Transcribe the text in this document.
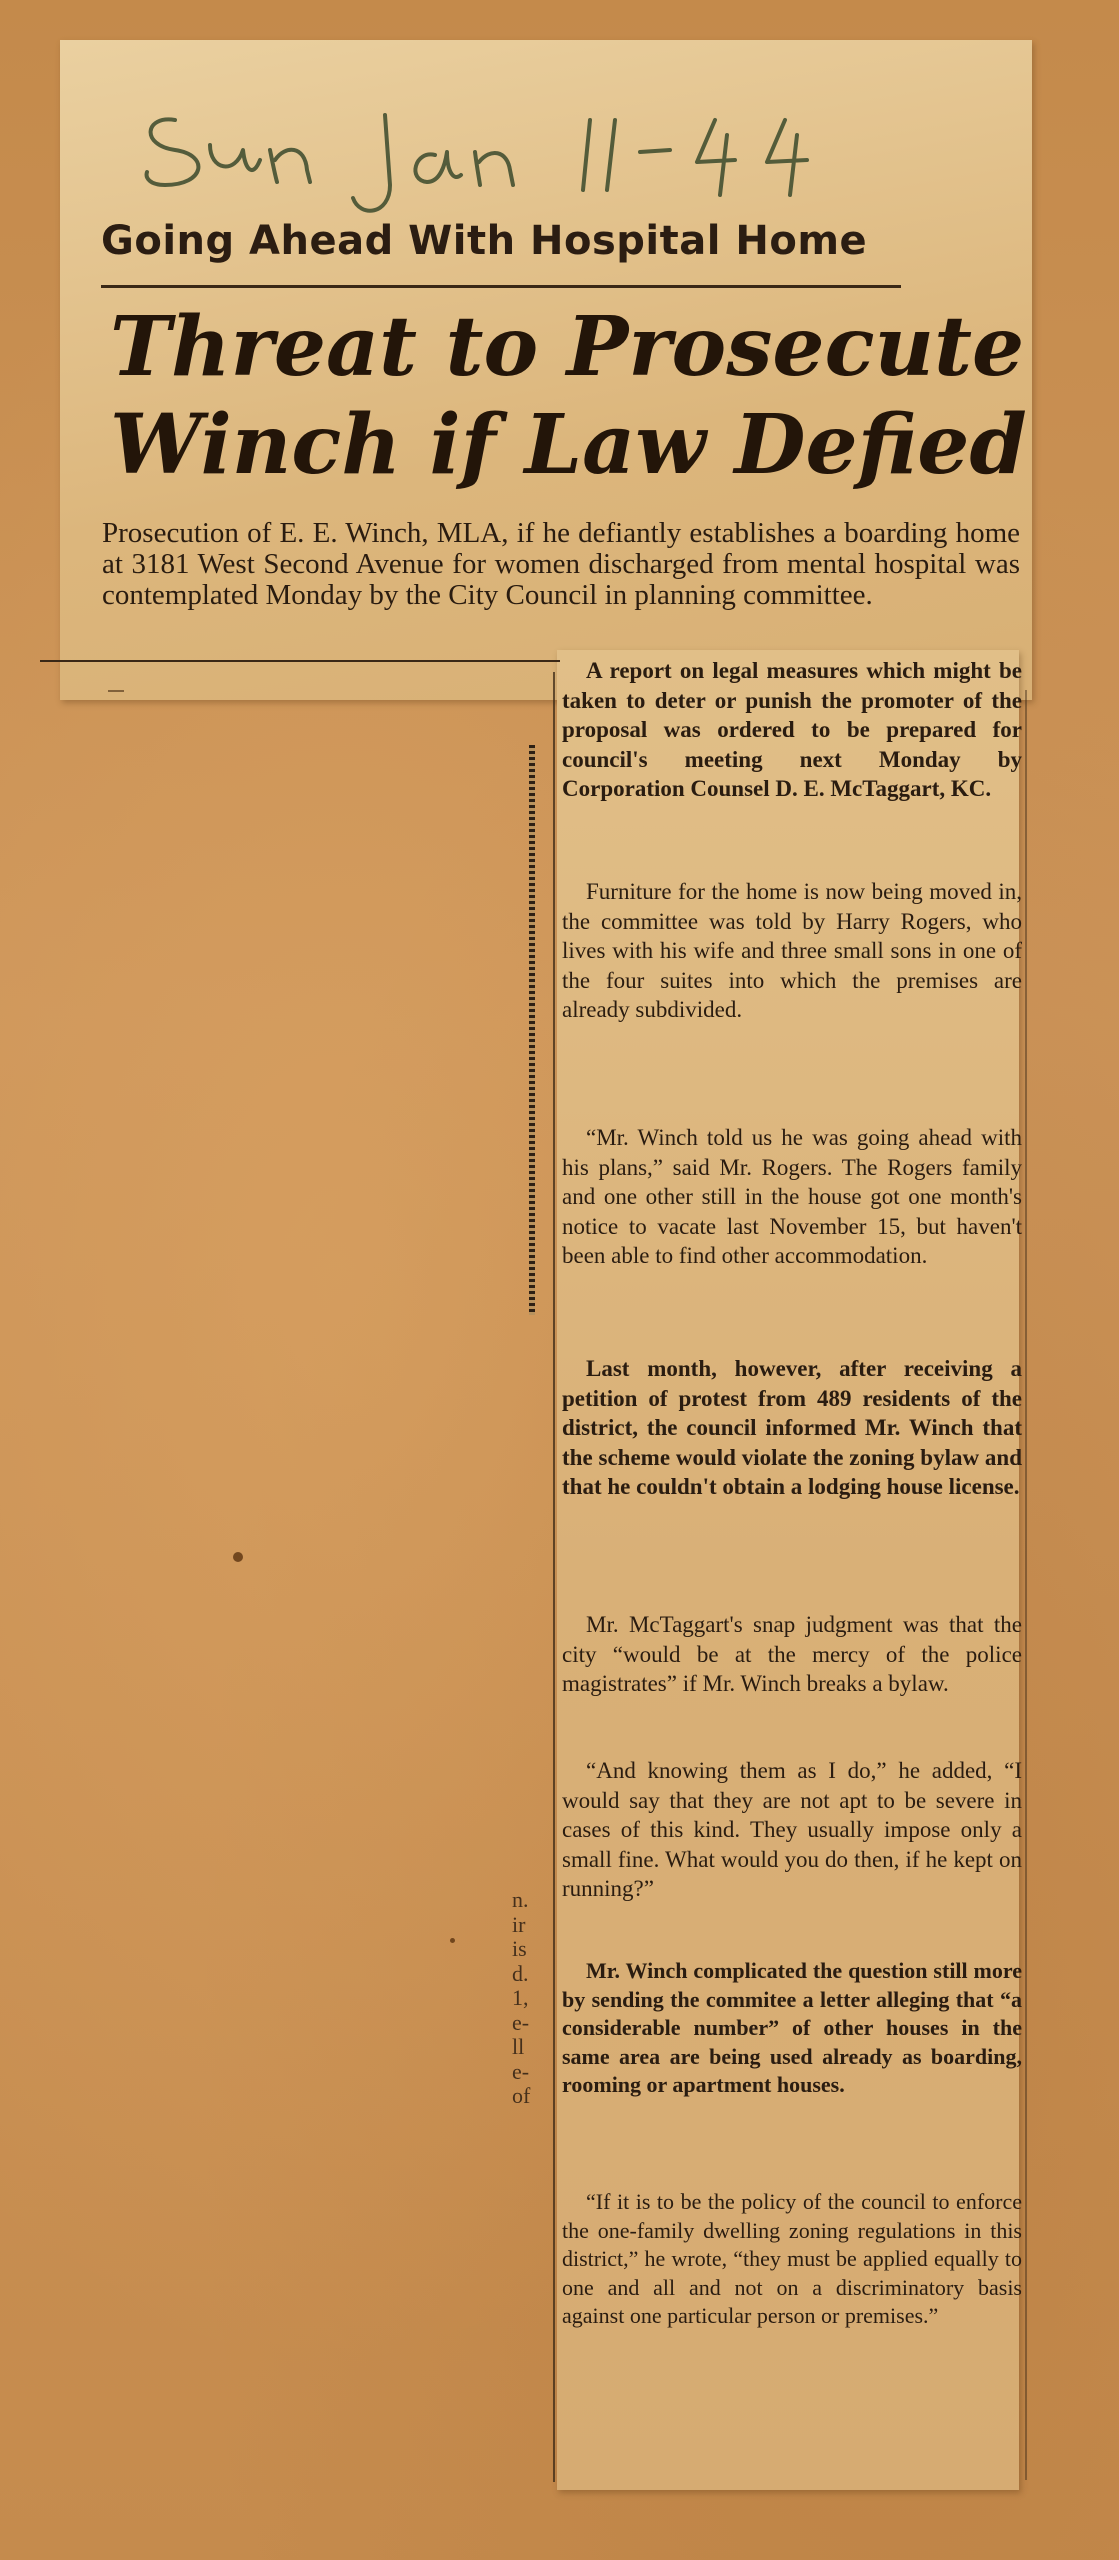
Sun Jan 11-44
Going Ahead With Hospital Home
Threat to Prosecute
Winch if Law Defied
Prosecution of E. E. Winch, MLA, if he defiantly establishes a boarding home at 3181 West Second Avenue for women discharged from mental hospital was contemplated Monday by the City Council in planning committee.
n.
ir
is
d.
1,
e-
ll
e-
of

A report on legal measures which might be taken to deter or punish the promoter of the proposal was ordered to be prepared for council's meeting next Monday by Corporation Counsel D. E. McTaggart, KC.

Furniture for the home is now being moved in, the committee was told by Harry Rogers, who lives with his wife and three small sons in one of the four suites into which the premises are already subdivided.

“Mr. Winch told us he was going ahead with his plans,” said Mr. Rogers. The Rogers family and one other still in the house got one month's notice to vacate last November 15, but haven't been able to find other accommodation.

Last month, however, after receiving a petition of protest from 489 residents of the district, the council informed Mr. Winch that the scheme would violate the zoning bylaw and that he couldn't obtain a lodging house license.

Mr. McTaggart's snap judgment was that the city “would be at the mercy of the police magistrates” if Mr. Winch breaks a bylaw.

“And knowing them as I do,” he added, “I would say that they are not apt to be severe in cases of this kind. They usually impose only a small fine. What would you do then, if he kept on running?”

Mr. Winch complicated the question still more by sending the commitee a letter alleging that “a considerable number” of other houses in the same area are being used already as boarding, rooming or apartment houses.

“If it is to be the policy of the council to enforce the one-family dwelling zoning regulations in this district,” he wrote, “they must be applied equally to one and all and not on a discriminatory basis against one particular person or premises.”
